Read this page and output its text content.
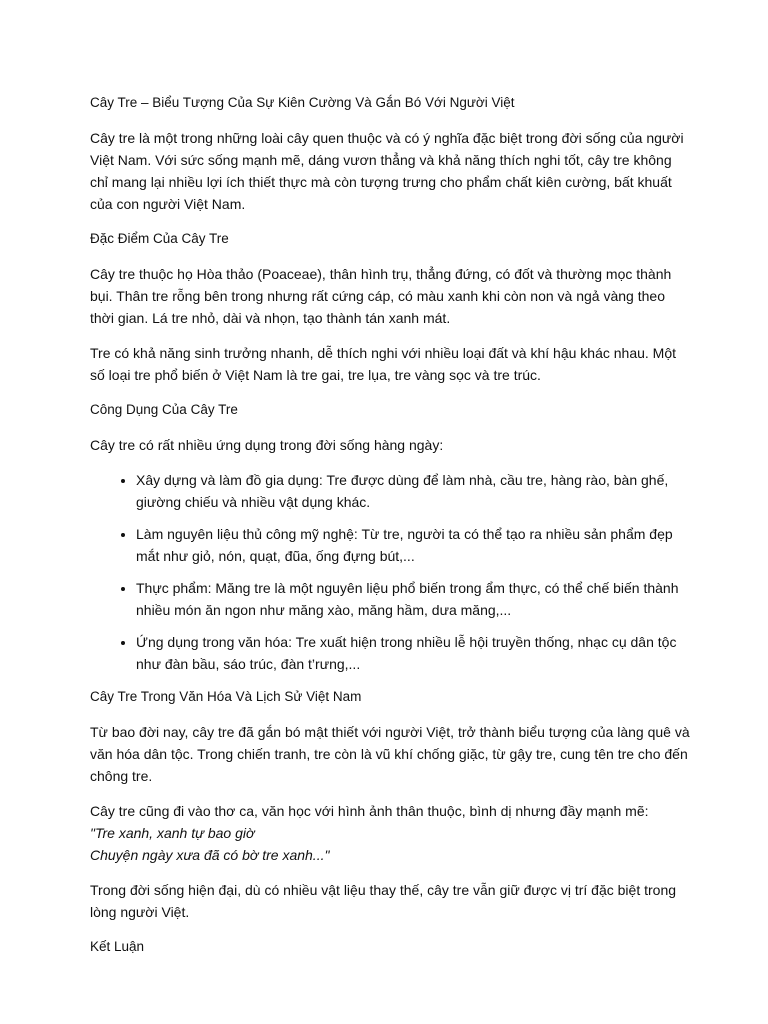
Cây Tre – Biểu Tượng Của Sự Kiên Cường Và Gắn Bó Với Người Việt

Cây tre là một trong những loài cây quen thuộc và có ý nghĩa đặc biệt trong đời sống của người Việt Nam. Với sức sống mạnh mẽ, dáng vươn thẳng và khả năng thích nghi tốt, cây tre không chỉ mang lại nhiều lợi ích thiết thực mà còn tượng trưng cho phẩm chất kiên cường, bất khuất của con người Việt Nam.

Đặc Điểm Của Cây Tre

Cây tre thuộc họ Hòa thảo (Poaceae), thân hình trụ, thẳng đứng, có đốt và thường mọc thành bụi. Thân tre rỗng bên trong nhưng rất cứng cáp, có màu xanh khi còn non và ngả vàng theo thời gian. Lá tre nhỏ, dài và nhọn, tạo thành tán xanh mát.

Tre có khả năng sinh trưởng nhanh, dễ thích nghi với nhiều loại đất và khí hậu khác nhau. Một số loại tre phổ biến ở Việt Nam là tre gai, tre lụa, tre vàng sọc và tre trúc.

Công Dụng Của Cây Tre

Cây tre có rất nhiều ứng dụng trong đời sống hàng ngày:

• Xây dựng và làm đồ gia dụng: Tre được dùng để làm nhà, cầu tre, hàng rào, bàn ghế, giường chiếu và nhiều vật dụng khác.
• Làm nguyên liệu thủ công mỹ nghệ: Từ tre, người ta có thể tạo ra nhiều sản phẩm đẹp mắt như giỏ, nón, quạt, đũa, ống đựng bút,...
• Thực phẩm: Măng tre là một nguyên liệu phổ biến trong ẩm thực, có thể chế biến thành nhiều món ăn ngon như măng xào, măng hầm, dưa măng,...
• Ứng dụng trong văn hóa: Tre xuất hiện trong nhiều lễ hội truyền thống, nhạc cụ dân tộc như đàn bầu, sáo trúc, đàn t’rưng,...

Cây Tre Trong Văn Hóa Và Lịch Sử Việt Nam

Từ bao đời nay, cây tre đã gắn bó mật thiết với người Việt, trở thành biểu tượng của làng quê và văn hóa dân tộc. Trong chiến tranh, tre còn là vũ khí chống giặc, từ gậy tre, cung tên tre cho đến chông tre.

Cây tre cũng đi vào thơ ca, văn học với hình ảnh thân thuộc, bình dị nhưng đầy mạnh mẽ:
"Tre xanh, xanh tự bao giờ
Chuyện ngày xưa đã có bờ tre xanh..."

Trong đời sống hiện đại, dù có nhiều vật liệu thay thế, cây tre vẫn giữ được vị trí đặc biệt trong lòng người Việt.

Kết Luận
